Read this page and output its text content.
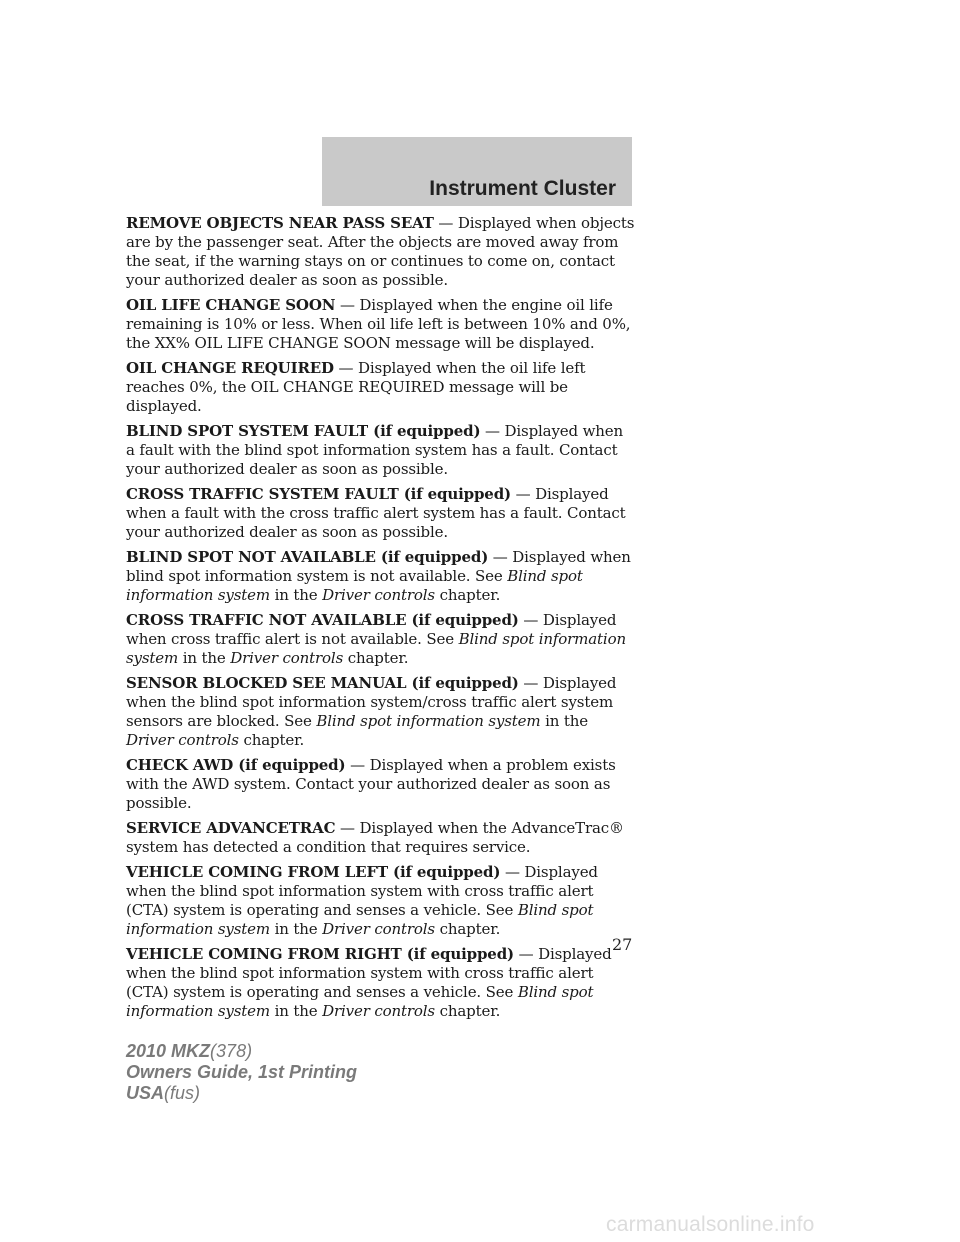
Instrument Cluster

REMOVE OBJECTS NEAR PASS SEAT — Displayed when objects are by the passenger seat. After the objects are moved away from the seat, if the warning stays on or continues to come on, contact your authorized dealer as soon as possible.

OIL LIFE CHANGE SOON — Displayed when the engine oil life remaining is 10% or less. When oil life left is between 10% and 0%, the XX% OIL LIFE CHANGE SOON message will be displayed.

OIL CHANGE REQUIRED — Displayed when the oil life left reaches 0%, the OIL CHANGE REQUIRED message will be displayed.

BLIND SPOT SYSTEM FAULT (if equipped) — Displayed when a fault with the blind spot information system has a fault. Contact your authorized dealer as soon as possible.

CROSS TRAFFIC SYSTEM FAULT (if equipped) — Displayed when a fault with the cross traffic alert system has a fault. Contact your authorized dealer as soon as possible.

BLIND SPOT NOT AVAILABLE (if equipped) — Displayed when blind spot information system is not available. See Blind spot information system in the Driver controls chapter.

CROSS TRAFFIC NOT AVAILABLE (if equipped) — Displayed when cross traffic alert is not available. See Blind spot information system in the Driver controls chapter.

SENSOR BLOCKED SEE MANUAL (if equipped) — Displayed when the blind spot information system/cross traffic alert system sensors are blocked. See Blind spot information system in the Driver controls chapter.

CHECK AWD (if equipped) — Displayed when a problem exists with the AWD system. Contact your authorized dealer as soon as possible.

SERVICE ADVANCETRAC — Displayed when the AdvanceTrac® system has detected a condition that requires service.

VEHICLE COMING FROM LEFT (if equipped) — Displayed when the blind spot information system with cross traffic alert (CTA) system is operating and senses a vehicle. See Blind spot information system in the Driver controls chapter.

VEHICLE COMING FROM RIGHT (if equipped) — Displayed when the blind spot information system with cross traffic alert (CTA) system is operating and senses a vehicle. See Blind spot information system in the Driver controls chapter.

27
2010 MKZ(378)
Owners Guide, 1st Printing
USA(fus)
carmanualsonline.info
